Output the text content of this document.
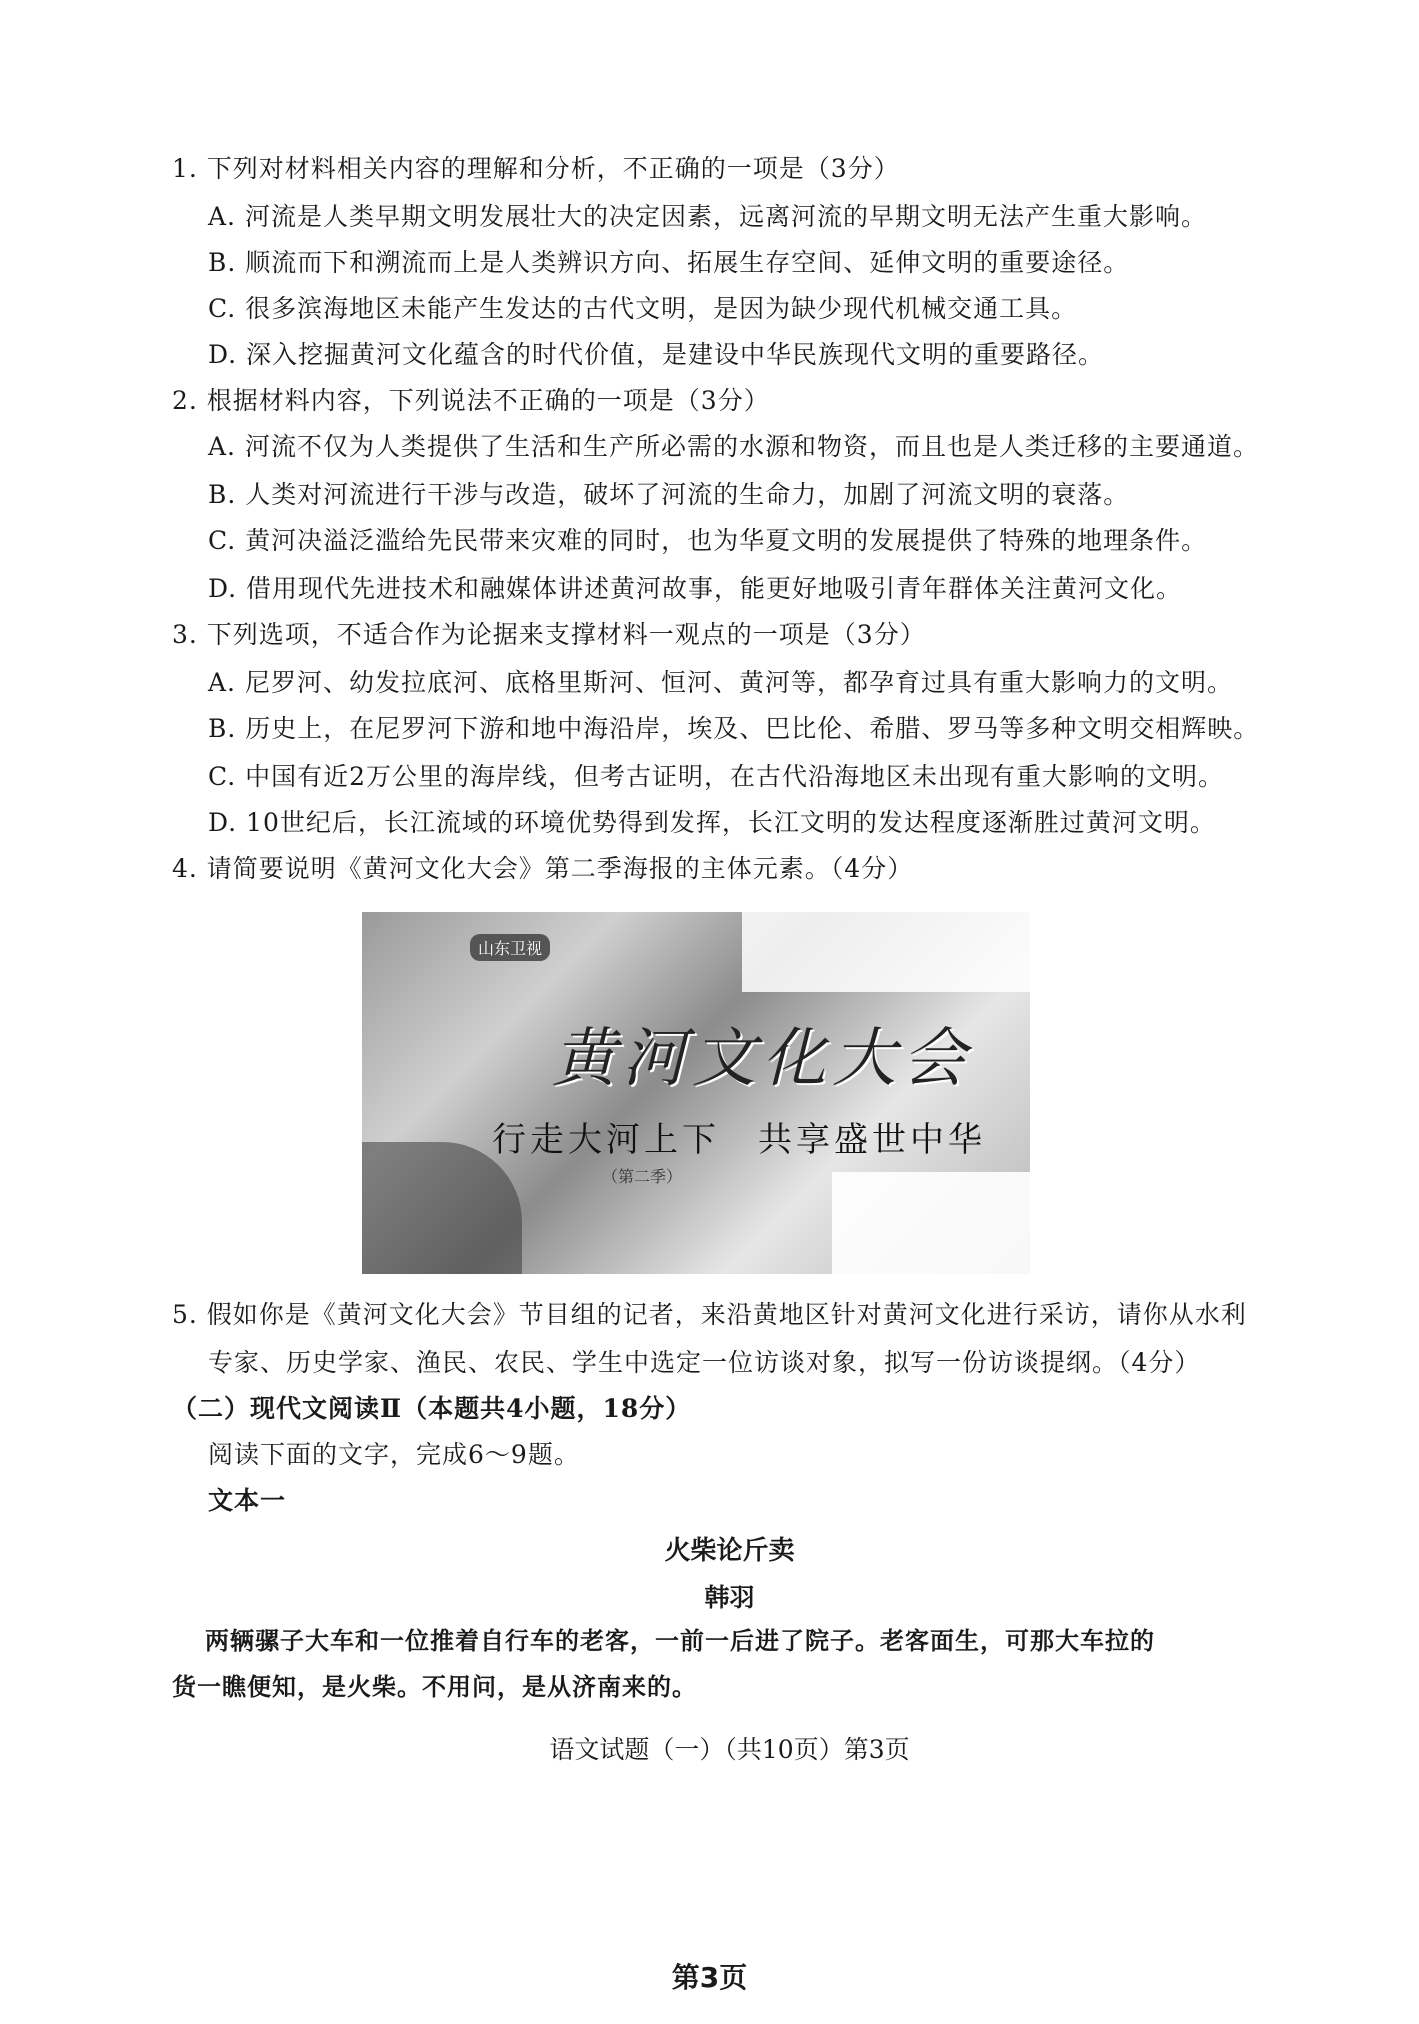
1. 下列对材料相关内容的理解和分析，不正确的一项是（3分）
A. 河流是人类早期文明发展壮大的决定因素，远离河流的早期文明无法产生重大影响。
B. 顺流而下和溯流而上是人类辨识方向、拓展生存空间、延伸文明的重要途径。
C. 很多滨海地区未能产生发达的古代文明，是因为缺少现代机械交通工具。
D. 深入挖掘黄河文化蕴含的时代价值，是建设中华民族现代文明的重要路径。
2. 根据材料内容，下列说法不正确的一项是（3分）
A. 河流不仅为人类提供了生活和生产所必需的水源和物资，而且也是人类迁移的主要通道。
B. 人类对河流进行干涉与改造，破坏了河流的生命力，加剧了河流文明的衰落。
C. 黄河决溢泛滥给先民带来灾难的同时，也为华夏文明的发展提供了特殊的地理条件。
D. 借用现代先进技术和融媒体讲述黄河故事，能更好地吸引青年群体关注黄河文化。
3. 下列选项，不适合作为论据来支撑材料一观点的一项是（3分）
A. 尼罗河、幼发拉底河、底格里斯河、恒河、黄河等，都孕育过具有重大影响力的文明。
B. 历史上，在尼罗河下游和地中海沿岸，埃及、巴比伦、希腊、罗马等多种文明交相辉映。
C. 中国有近2万公里的海岸线，但考古证明，在古代沿海地区未出现有重大影响的文明。
D. 10世纪后，长江流域的环境优势得到发挥，长江文明的发达程度逐渐胜过黄河文明。
4. 请简要说明《黄河文化大会》第二季海报的主体元素。（4分）
山东卫视
黄河文化大会
行走大河上下　共享盛世中华
（第二季）
5. 假如你是《黄河文化大会》节目组的记者，来沿黄地区针对黄河文化进行采访，请你从水利
专家、历史学家、渔民、农民、学生中选定一位访谈对象，拟写一份访谈提纲。（4分）
（二）现代文阅读Ⅱ（本题共4小题，18分）
阅读下面的文字，完成6～9题。
文本一
火柴论斤卖
韩羽
两辆骡子大车和一位推着自行车的老客，一前一后进了院子。老客面生，可那大车拉的
货一瞧便知，是火柴。不用问，是从济南来的。
语文试题（一）（共10页）第3页
第3页
